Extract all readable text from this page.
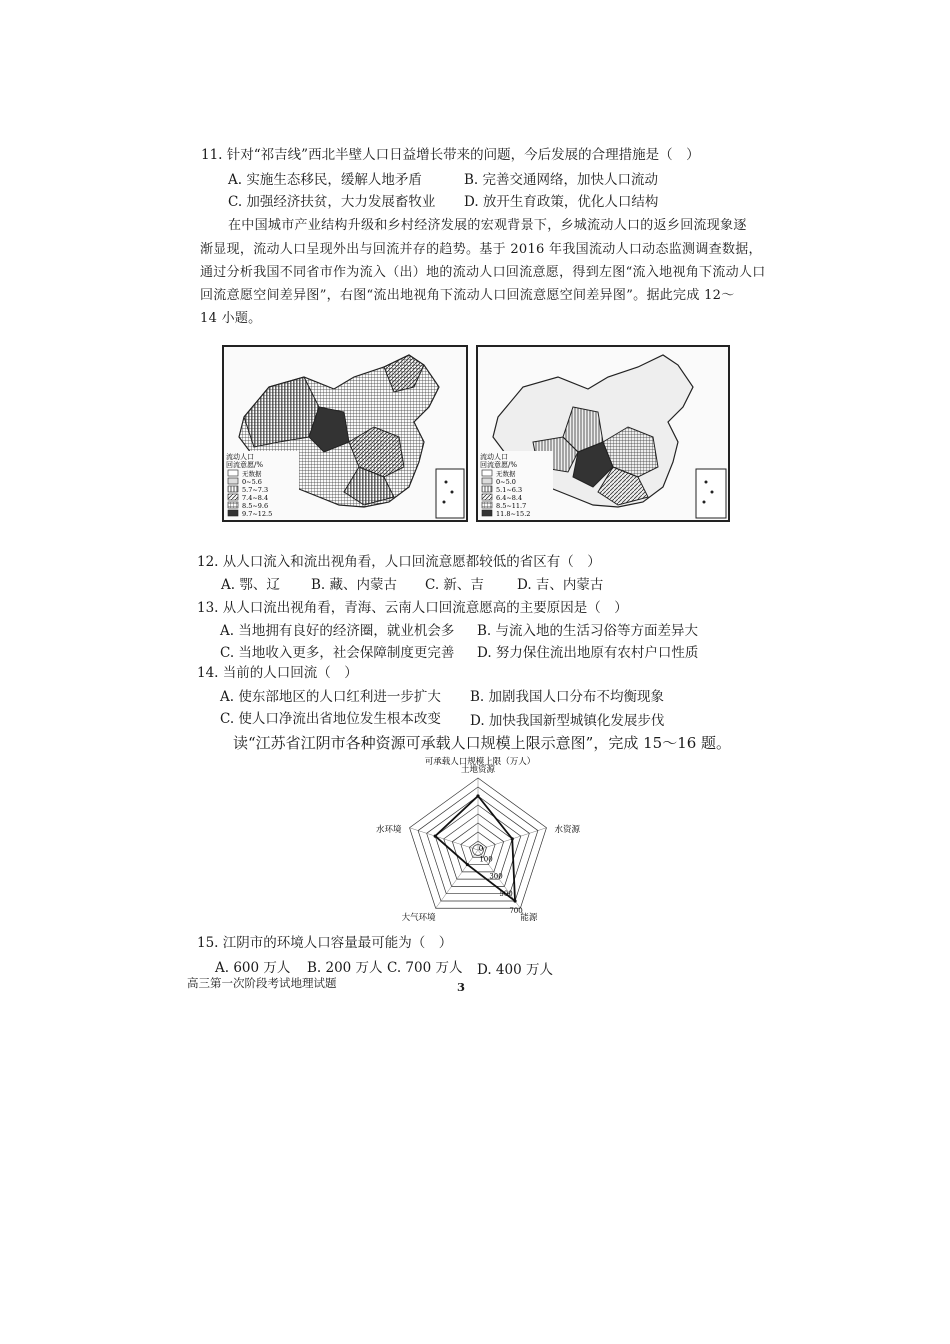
11. 针对“祁吉线”西北半壁人口日益增长带来的问题，今后发展的合理措施是（　）
A. 实施生态移民，缓解人地矛盾	B. 完善交通网络，加快人口流动
C. 加强经济扶贫，大力发展畜牧业 D. 放开生育政策，优化人口结构
在中国城市产业结构升级和乡村经济发展的宏观背景下，乡城流动人口的返乡回流现象逐
渐显现，流动人口呈现外出与回流并存的趋势。基于 2016 年我国流动人口动态监测调查数据，
通过分析我国不同省市作为流入（出）地的流动人口回流意愿，得到左图“流入地视角下流动人口
回流意愿空间差异图”，右图“流出地视角下流动人口回流意愿空间差异图”。据此完成 12～
14 小题。
流动人口
回流意愿/%
无数据
0~5.6
5.7~7.3
7.4~8.4
8.5~9.6
9.7~12.5
流动人口
回流意愿/%
无数据
0~5.0
5.1~6.3
6.4~8.4
8.5~11.7
11.8~15.2
12. 从人口流入和流出视角看，人口回流意愿都较低的省区有（　）
A. 鄂、辽 B. 藏、内蒙古 C. 新、吉 D. 吉、内蒙古
13. 从人口流出视角看，青海、云南人口回流意愿高的主要原因是（　）
A. 当地拥有良好的经济圈，就业机会多 B. 与流入地的生活习俗等方面差异大
C. 当地收入更多，社会保障制度更完善 D. 努力保住流出地原有农村户口性质
14. 当前的人口回流（　）
A. 使东部地区的人口红利进一步扩大 B. 加剧我国人口分布不均衡现象
C. 使人口净流出省地位发生根本改变 D. 加快我国新型城镇化发展步伐
读“江苏省江阴市各种资源可承载人口规模上限示意图”，完成 15～16 题。
可承载人口规模上限（万人）
土地资源
水资源
能源
大气环境
水环境
0
100
300
500
700
15. 江阴市的环境人口容量最可能为（　）
A. 600 万人 B. 200 万人 C. 700 万人 D. 400 万人
高三第一次阶段考试地理试题	3
